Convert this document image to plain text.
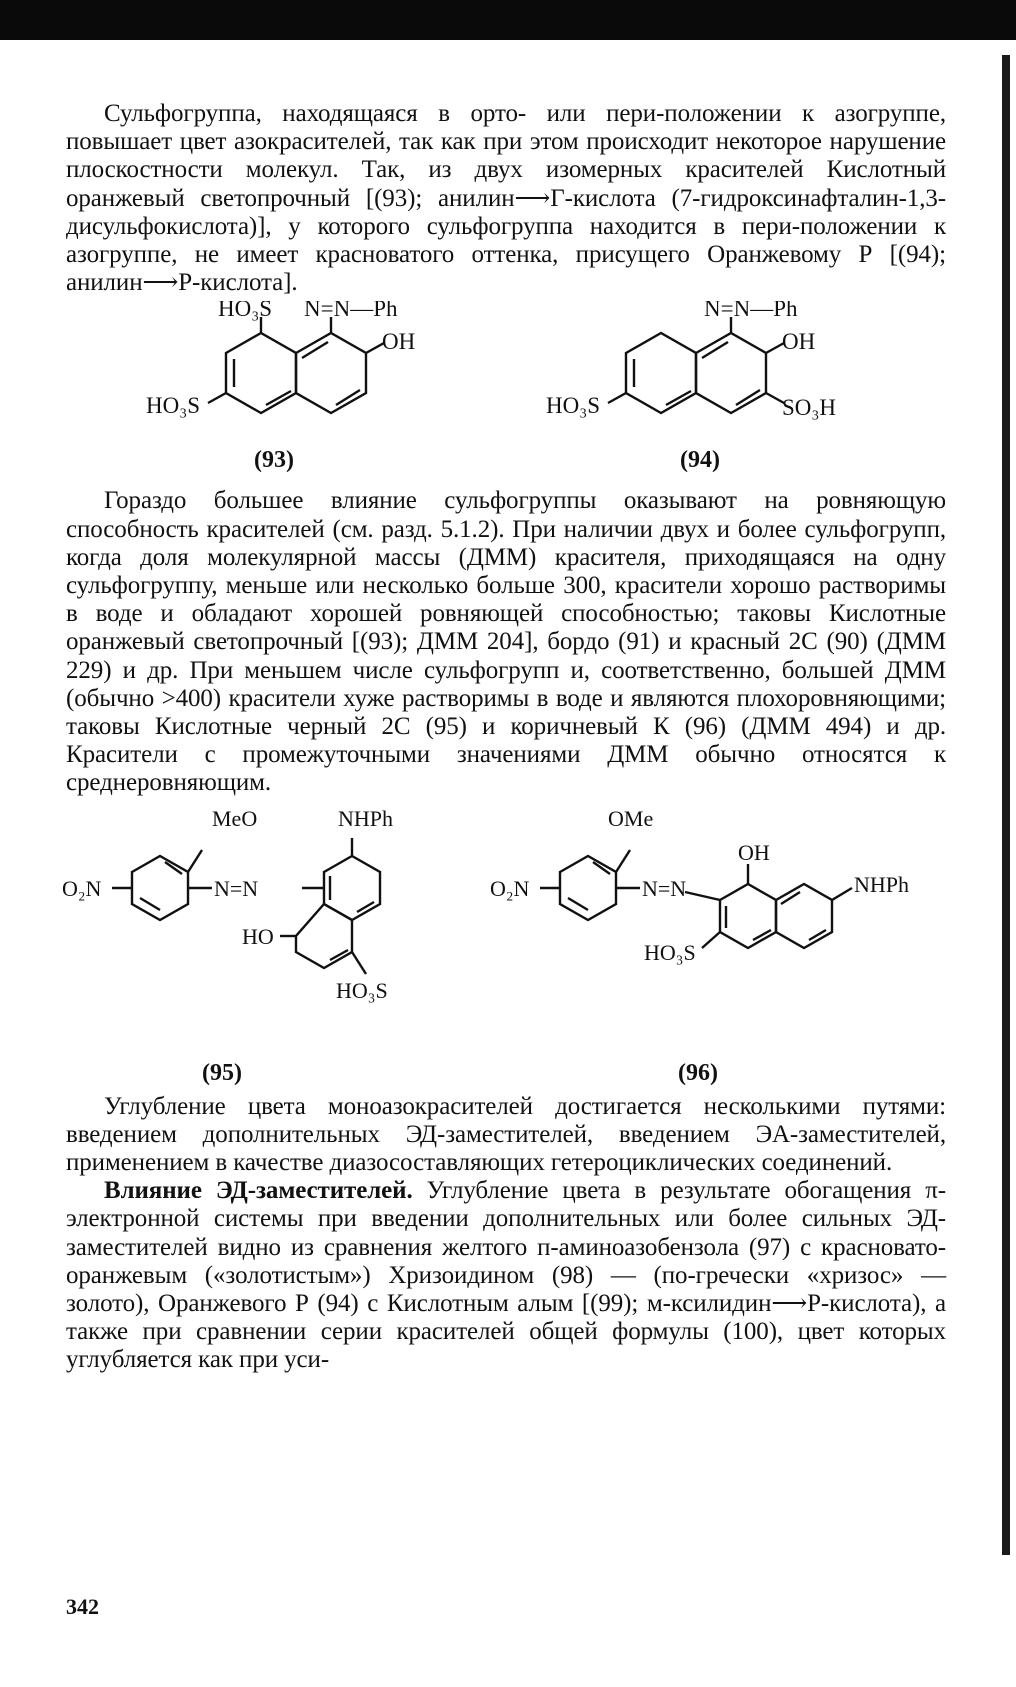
Сульфогруппа, находящаяся в орто- или пери-положении к азогруппе, повышает цвет азокрасителей, так как при этом происходит некоторое нарушение плоскостности молекул. Так, из двух изомерных красителей Кислотный оранжевый светопрочный [(93); анилин⟶Г-кислота (7-гидроксинафталин-1,3-дисульфокислота)], у которого сульфогруппа находится в пери-положении к азогруппе, не имеет красноватого оттенка, присущего Оранжевому Р [(94); анилин⟶Р-кислота].

HO₃S N=N—Ph
OH
HO₃S
(93)
N=N—Ph
OH
HO₃S	SO₃H
(94)

Гораздо большее влияние сульфогруппы оказывают на ровняющую способность красителей (см. разд. 5.1.2). При наличии двух и более сульфогрупп, когда доля молекулярной массы (ДММ) красителя, приходящаяся на одну сульфогруппу, меньше или несколько больше 300, красители хорошо растворимы в воде и обладают хорошей ровняющей способностью; таковы Кислотные оранжевый светопрочный [(93); ДММ 204], бордо (91) и красный 2С (90) (ДММ 229) и др. При меньшем числе сульфогрупп и, соответственно, большей ДММ (обычно >400) красители хуже растворимы в воде и являются плохоровняющими; таковы Кислотные черный 2С (95) и коричневый К (96) (ДММ 494) и др. Красители с промежуточными значениями ДММ обычно относятся к среднеровняющим.

MeO	NHPh
O₂N	N=N
HO
HO₃S
(95)
OMe
OH
O₂N	N=N	NHPh
HO₃S
(96)

Углубление цвета моноазокрасителей достигается несколькими путями: введением дополнительных ЭД-заместителей, введением ЭА-заместителей, применением в качестве диазосоставляющих гетероциклических соединений.

Влияние ЭД-заместителей. Углубление цвета в результате обогащения π-электронной системы при введении дополнительных или более сильных ЭД-заместителей видно из сравнения желтого п-аминоазобензола (97) с красновато-оранжевым («золотистым») Хризоидином (98) — (по-гречески «хризос» — золото), Оранжевого Р (94) с Кислотным алым [(99); м-ксилидин⟶Р-кислота), а также при сравнении серии красителей общей формулы (100), цвет которых углубляется как при уси-

342
